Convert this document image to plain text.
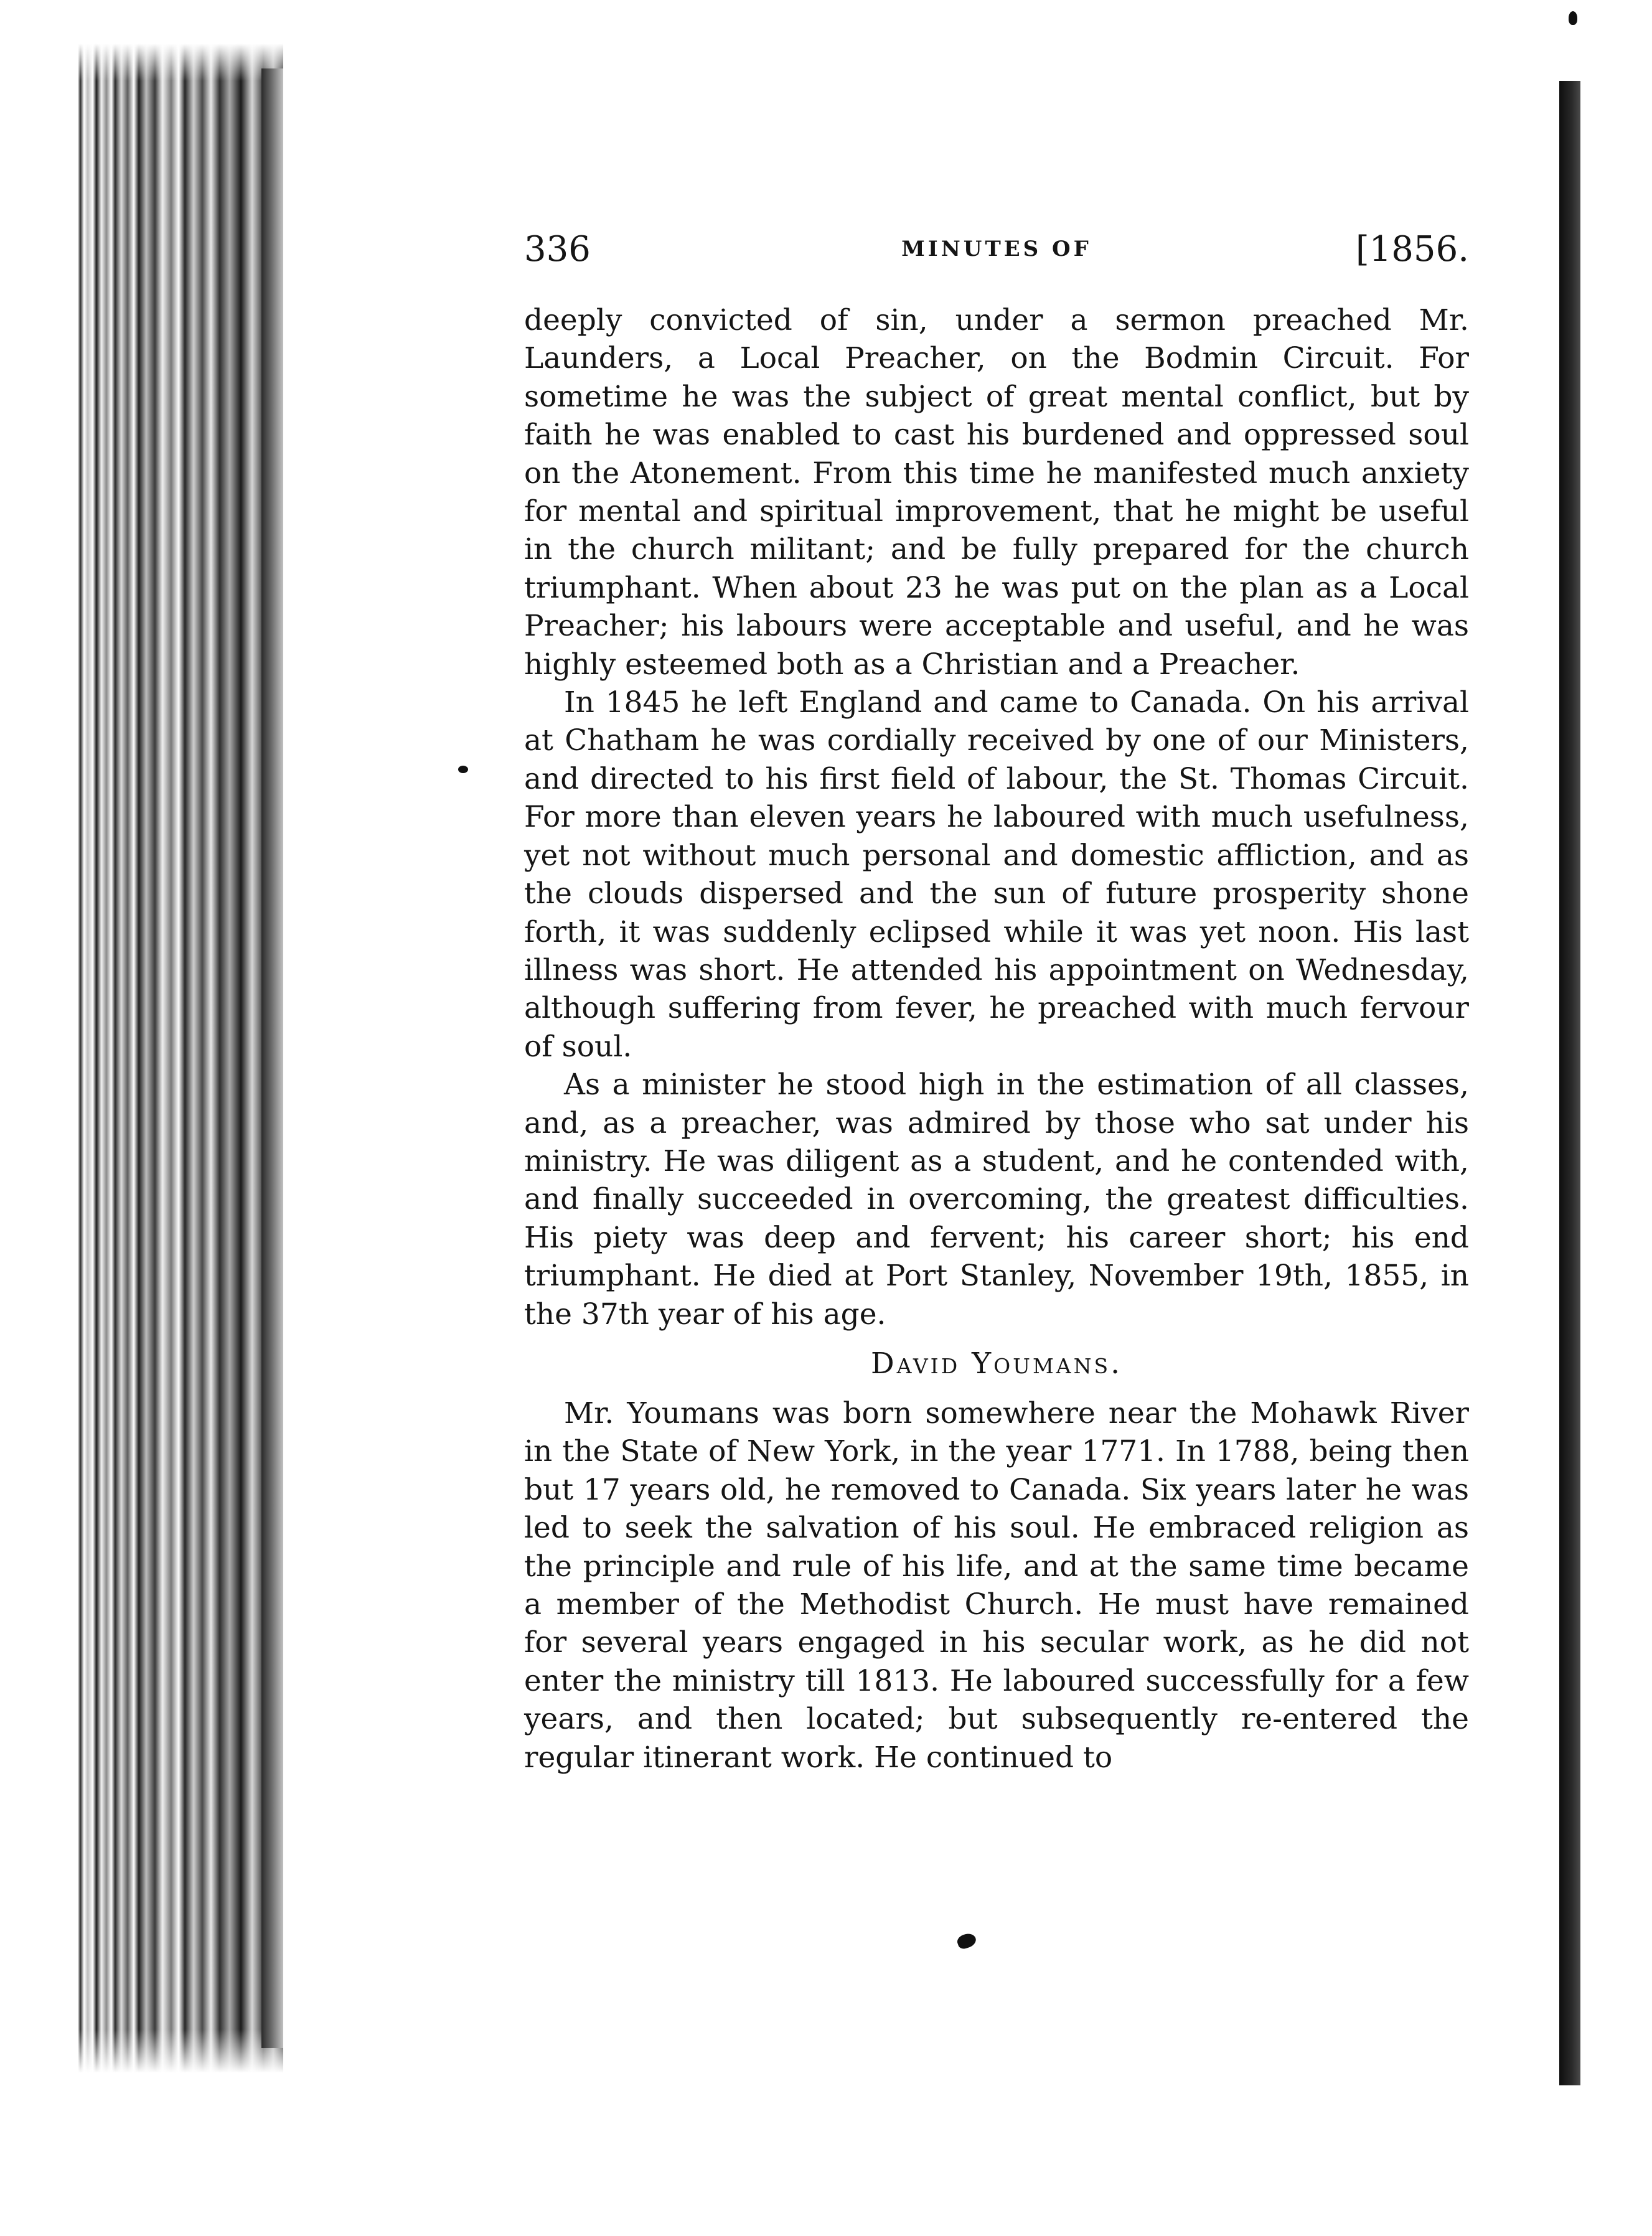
336	MINUTES OF	[1856.

deeply convicted of sin, under a sermon preached Mr. Launders, a Local Preacher, on the Bodmin Circuit. For sometime he was the subject of great mental conflict, but by faith he was enabled to cast his burdened and oppressed soul on the Atonement. From this time he manifested much anxiety for mental and spiritual improvement, that he might be useful in the church militant; and be fully prepared for the church triumphant. When about 23 he was put on the plan as a Local Preacher; his labours were acceptable and useful, and he was highly esteemed both as a Christian and a Preacher.

In 1845 he left England and came to Canada. On his arrival at Chatham he was cordially received by one of our Ministers, and directed to his first field of labour, the St. Thomas Circuit. For more than eleven years he laboured with much usefulness, yet not without much personal and domestic affliction, and as the clouds dispersed and the sun of future prosperity shone forth, it was suddenly eclipsed while it was yet noon. His last illness was short. He attended his appointment on Wednesday, although suffering from fever, he preached with much fervour of soul.

As a minister he stood high in the estimation of all classes, and, as a preacher, was admired by those who sat under his ministry. He was diligent as a student, and he contended with, and finally succeeded in overcoming, the greatest difficulties. His piety was deep and fervent; his career short; his end triumphant. He died at Port Stanley, November 19th, 1855, in the 37th year of his age.

David Youmans.

Mr. Youmans was born somewhere near the Mohawk River in the State of New York, in the year 1771. In 1788, being then but 17 years old, he removed to Canada. Six years later he was led to seek the salvation of his soul. He embraced religion as the principle and rule of his life, and at the same time became a member of the Methodist Church. He must have remained for several years engaged in his secular work, as he did not enter the ministry till 1813. He laboured successfully for a few years, and then located; but subsequently re-entered the regular itinerant work. He continued to
